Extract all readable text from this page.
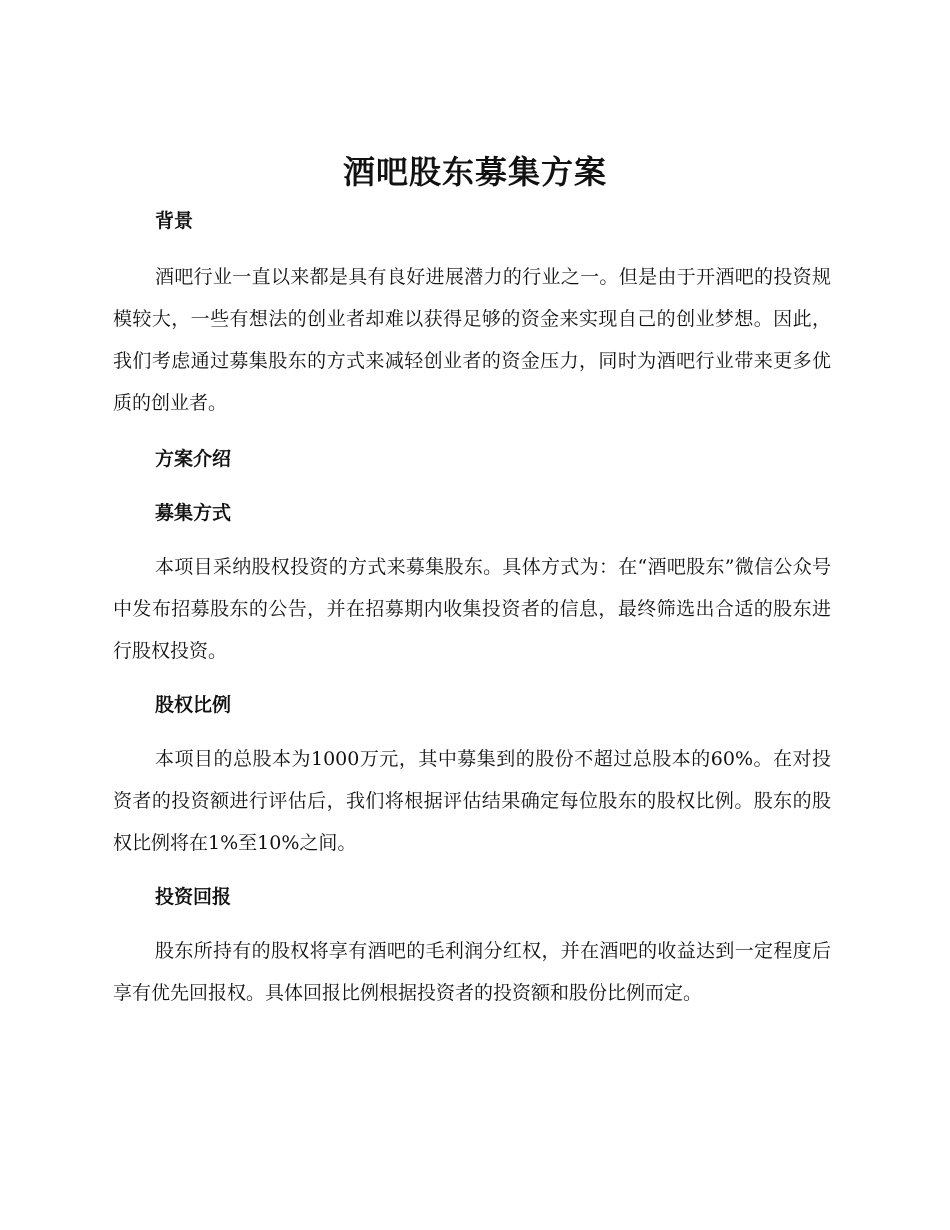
酒吧股东募集方案
背景

酒吧行业一直以来都是具有良好进展潜力的行业之一。但是由于开酒吧的投资规模较大，一些有想法的创业者却难以获得足够的资金来实现自己的创业梦想。因此，我们考虑通过募集股东的方式来减轻创业者的资金压力，同时为酒吧行业带来更多优质的创业者。

方案介绍
募集方式

本项目采纳股权投资的方式来募集股东。具体方式为：在“酒吧股东”微信公众号中发布招募股东的公告，并在招募期内收集投资者的信息，最终筛选出合适的股东进行股权投资。

股权比例

本项目的总股本为1000万元，其中募集到的股份不超过总股本的60%。在对投资者的投资额进行评估后，我们将根据评估结果确定每位股东的股权比例。股东的股权比例将在1%至10%之间。

投资回报

股东所持有的股权将享有酒吧的毛利润分红权，并在酒吧的收益达到一定程度后享有优先回报权。具体回报比例根据投资者的投资额和股份比例而定。
